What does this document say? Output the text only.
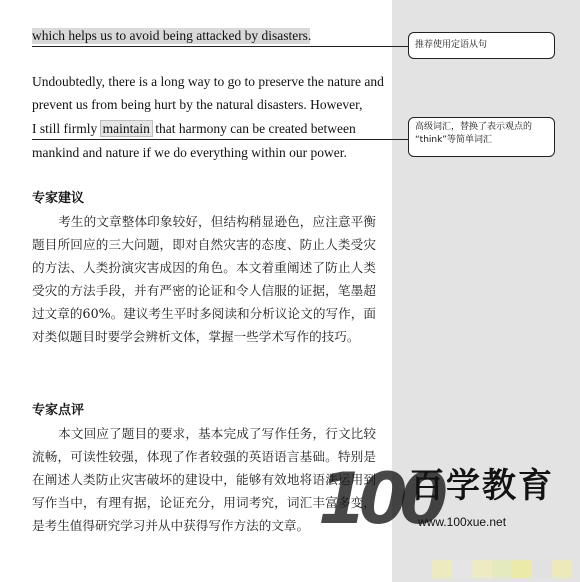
which helps us to avoid being attacked by disasters.
推荐使用定语从句
Undoubtedly, there is a long way to go to preserve the nature and
prevent us from being hurt by the natural disasters. However,
I still firmly maintain that harmony can be created between
mankind and nature if we do everything within our power.
高级词汇，替换了表示观点的
“think”等简单词汇
专家建议
考生的文章整体印象较好，但结构稍显逊色，应注意平衡题目所回应的三大问题，即对自然灾害的态度、防止人类受灾的方法、人类扮演灾害成因的角色。本文着重阐述了防止人类受灾的方法手段，并有严密的论证和令人信服的证据，笔墨超过文章的60%。建议考生平时多阅读和分析议论文的写作，面对类似题目时要学会辨析文体，掌握一些学术写作的技巧。
专家点评
本文回应了题目的要求，基本完成了写作任务，行文比较流畅，可读性较强，体现了作者较强的英语语言基础。特别是在阐述人类防止灾害破坏的建设中，能够有效地将语法运用到写作当中，有理有据，论证充分，用词考究，词汇丰富多变，是考生值得研究学习并从中获得写作方法的文章。 100
百学教育
www.100xue.net
